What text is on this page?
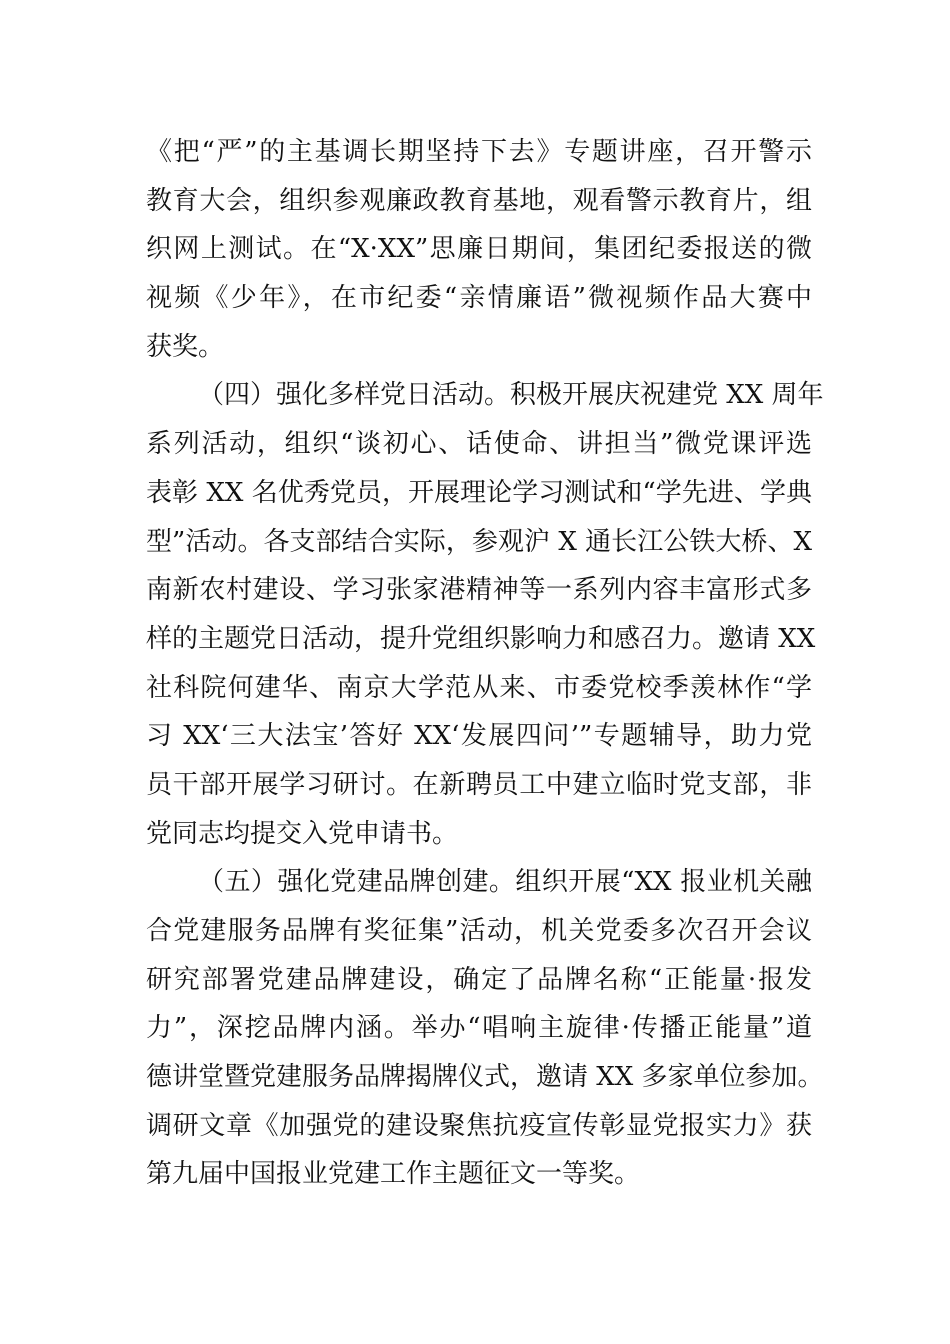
《把“严”的主基调长期坚持下去》专题讲座，召开警示
教育大会，组织参观廉政教育基地，观看警示教育片，组
织网上测试。在“X·XX”思廉日期间，集团纪委报送的微
视频《少年》，在市纪委“亲情廉语”微视频作品大赛中
获奖。
（四）强化多样党日活动。积极开展庆祝建党 XX 周年
系列活动，组织“谈初心、话使命、讲担当”微党课评选
表彰 XX 名优秀党员，开展理论学习测试和“学先进、学典
型”活动。各支部结合实际，参观沪 X 通长江公铁大桥、X
南新农村建设、学习张家港精神等一系列内容丰富形式多
样的主题党日活动，提升党组织影响力和感召力。邀请 XX
社科院何建华、南京大学范从来、市委党校季羡林作“学
习 XX‘三大法宝’答好 XX‘发展四问’”专题辅导，助力党
员干部开展学习研讨。在新聘员工中建立临时党支部，非
党同志均提交入党申请书。
（五）强化党建品牌创建。组织开展“XX 报业机关融
合党建服务品牌有奖征集”活动，机关党委多次召开会议
研究部署党建品牌建设，确定了品牌名称“正能量·报发
力”，深挖品牌内涵。举办“唱响主旋律·传播正能量”道
德讲堂暨党建服务品牌揭牌仪式，邀请 XX 多家单位参加。
调研文章《加强党的建设聚焦抗疫宣传彰显党报实力》获
第九届中国报业党建工作主题征文一等奖。
